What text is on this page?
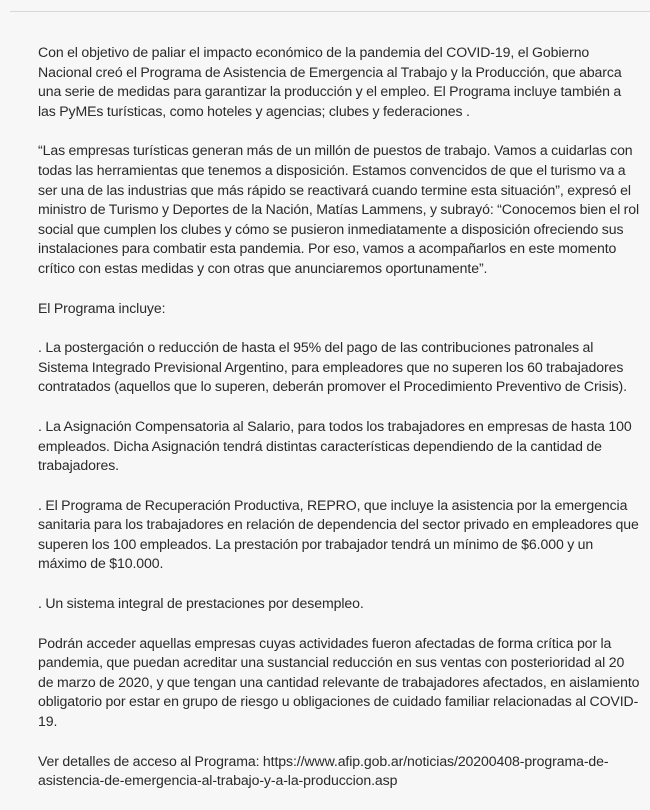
Con el objetivo de paliar el impacto económico de la pandemia del COVID-19, el Gobierno Nacional creó el Programa de Asistencia de Emergencia al Trabajo y la Producción, que abarca una serie de medidas para garantizar la producción y el empleo. El Programa incluye también a las PyMEs turísticas, como hoteles y agencias; clubes y federaciones .

“Las empresas turísticas generan más de un millón de puestos de trabajo. Vamos a cuidarlas con todas las herramientas que tenemos a disposición. Estamos convencidos de que el turismo va a ser una de las industrias que más rápido se reactivará cuando termine esta situación”, expresó el ministro de Turismo y Deportes de la Nación, Matías Lammens, y subrayó: “Conocemos bien el rol social que cumplen los clubes y cómo se pusieron inmediatamente a disposición ofreciendo sus instalaciones para combatir esta pandemia. Por eso, vamos a acompañarlos en este momento crítico con estas medidas y con otras que anunciaremos oportunamente”.

El Programa incluye:

. La postergación o reducción de hasta el 95% del pago de las contribuciones patronales al Sistema Integrado Previsional Argentino, para empleadores que no superen los 60 trabajadores contratados (aquellos que lo superen, deberán promover el Procedimiento Preventivo de Crisis).

. La Asignación Compensatoria al Salario, para todos los trabajadores en empresas de hasta 100 empleados. Dicha Asignación tendrá distintas características dependiendo de la cantidad de trabajadores.

. El Programa de Recuperación Productiva, REPRO, que incluye la asistencia por la emergencia sanitaria para los trabajadores en relación de dependencia del sector privado en empleadores que superen los 100 empleados. La prestación por trabajador tendrá un mínimo de $6.000 y un máximo de $10.000.

. Un sistema integral de prestaciones por desempleo.

Podrán acceder aquellas empresas cuyas actividades fueron afectadas de forma crítica por la pandemia, que puedan acreditar una sustancial reducción en sus ventas con posterioridad al 20 de marzo de 2020, y que tengan una cantidad relevante de trabajadores afectados, en aislamiento obligatorio por estar en grupo de riesgo u obligaciones de cuidado familiar relacionadas al COVID-19.

Ver detalles de acceso al Programa: https://www.afip.gob.ar/noticias/20200408-programa-de-asistencia-de-emergencia-al-trabajo-y-a-la-produccion.asp
